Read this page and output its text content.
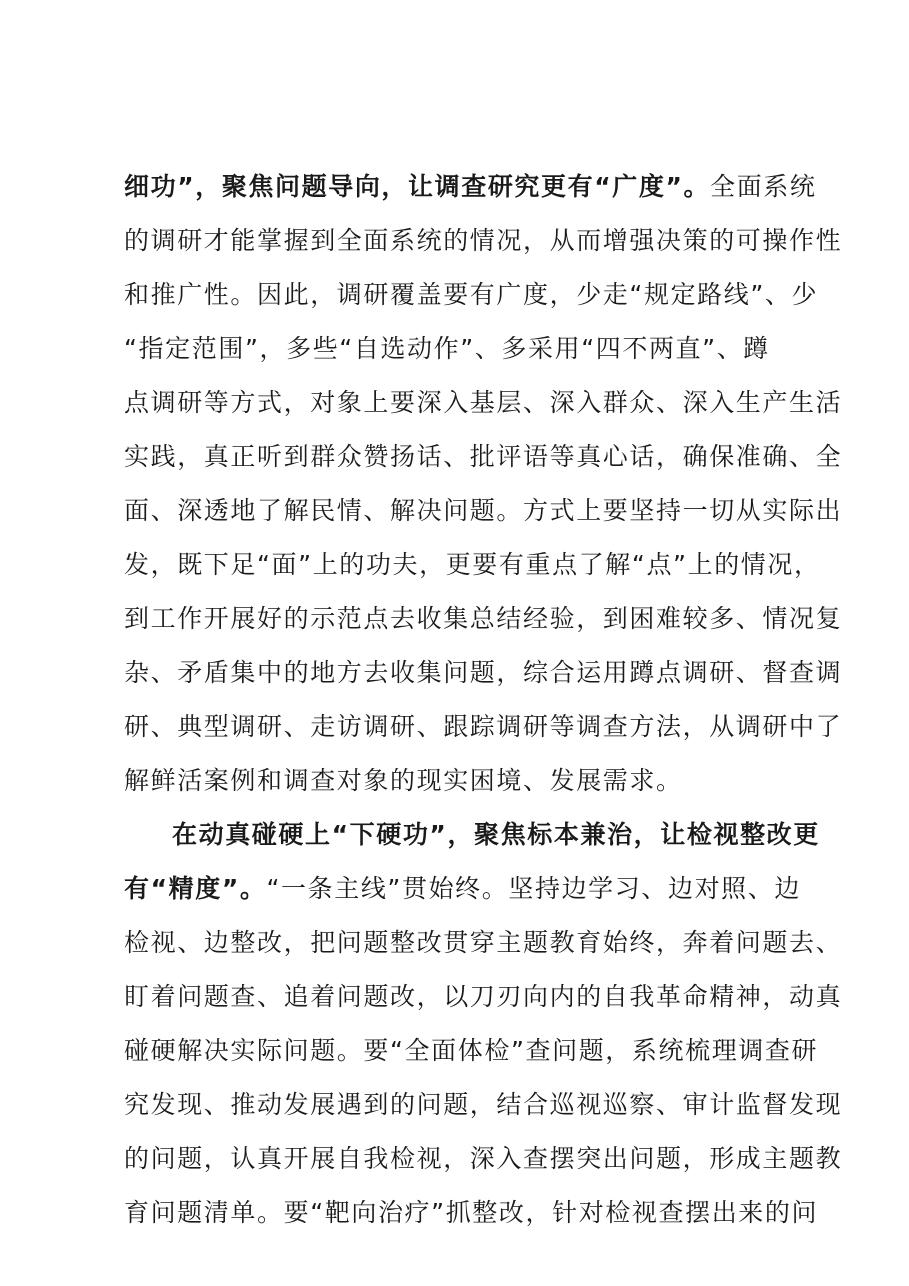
细功”，聚焦问题导向，让调查研究更有“广度”。全面系统
的调研才能掌握到全面系统的情况，从而增强决策的可操作性
和推广性。因此，调研覆盖要有广度，少走“规定路线”、少
“指定范围”，多些“自选动作”、多采用“四不两直”、蹲
点调研等方式，对象上要深入基层、深入群众、深入生产生活
实践，真正听到群众赞扬话、批评语等真心话，确保准确、全
面、深透地了解民情、解决问题。方式上要坚持一切从实际出
发，既下足“面”上的功夫，更要有重点了解“点”上的情况，
到工作开展好的示范点去收集总结经验，到困难较多、情况复
杂、矛盾集中的地方去收集问题，综合运用蹲点调研、督查调
研、典型调研、走访调研、跟踪调研等调查方法，从调研中了
解鲜活案例和调查对象的现实困境、发展需求。
在动真碰硬上“下硬功”，聚焦标本兼治，让检视整改更
有“精度”。“一条主线”贯始终。坚持边学习、边对照、边
检视、边整改，把问题整改贯穿主题教育始终，奔着问题去、
盯着问题查、追着问题改，以刀刃向内的自我革命精神，动真
碰硬解决实际问题。要“全面体检”查问题，系统梳理调查研
究发现、推动发展遇到的问题，结合巡视巡察、审计监督发现
的问题，认真开展自我检视，深入查摆突出问题，形成主题教
育问题清单。要“靶向治疗”抓整改，针对检视查摆出来的问
